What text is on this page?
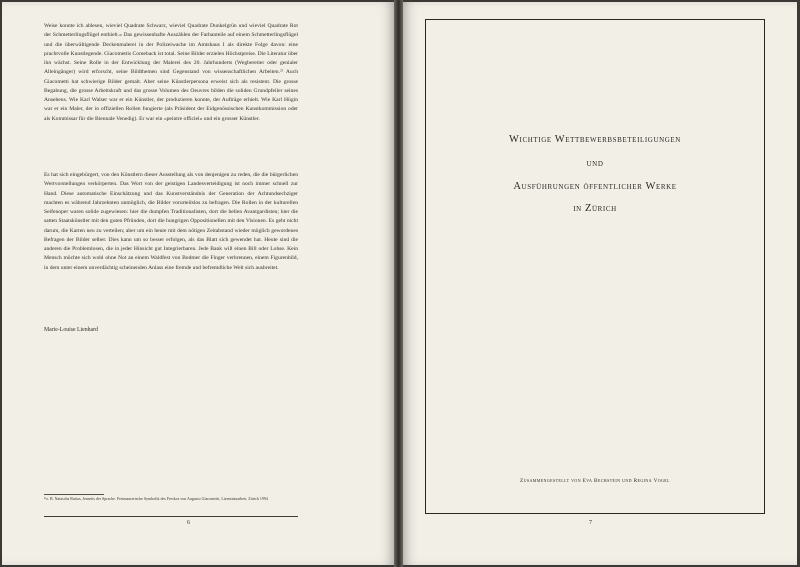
Weise konnte ich ablesen, wieviel Quadrate Schwarz, wieviel Quadrate Dunkelgrün und wieviel Quadrate Rot der Schmetterlingsflügel enthielt.» Das gewissenhafte Auszählen der Farbanteile auf einem Schmetterlingsflügel und die überwältigende Deckenmalerei in der Polizeiwache im Amtshaus I als direkte Folge davon: eine prachtvolle Kunstlegende. Giacomettis Comeback ist total. Seine Bilder erzielen Höchstpreise. Die Literatur über ihn wächst. Seine Rolle in der Entwicklung der Malerei des 20. Jahrhunderts (Wegbereiter oder genialer Alleingänger) wird erforscht, seine Bildthemen sind Gegenstand von wissenschaftlichen Arbeiten.²⁾ Auch Giacometti hat schwierige Bilder gemalt. Aber seine Künstlerpersona erweist sich als resistent. Die grosse Begabung, die grosse Arbeitskraft und das grosse Volumen des Oeuvres bilden die soliden Grundpfeiler seines Ansehens. Wie Karl Walser war er ein Künstler, der produzieren konnte, der Aufträge erhielt. Wie Karl Hügin war er ein Maler, der in offiziellen Rollen fungierte (als Präsident der Eidgenössischen Kunstkommission oder als Kommissar für die Biennale Venedig). Er war ein «peintre officiel» und ein grosser Künstler.

Es hat sich eingebürgert, von den Künstlern dieser Ausstellung als von denjenigen zu reden, die die bürgerlichen Wertvorstellungen verkörperten. Das Wort von der geistigen Landesverteidigung ist noch immer schnell zur Hand. Diese automatische Einschätzung und das Kunstverständnis der Generation der Achtundsechziger machten es während Jahrzehnten unmöglich, die Bilder vorurteilslos zu befragen. Die Rollen in der kulturellen Seifenoper waren solide zugewiesen: hier die dumpfen Traditionalisten, dort die hellen Avantgardisten; hier die satten Staatskünstler mit den guten Pfründen, dort die hungrigen Oppositionellen mit den Visionen. Es geht nicht darum, die Karten neu zu verteilen; aber um ein heute mit dem nötigen Zeitabstand wieder möglich gewordenes Befragen der Bilder selber. Dies kann um so besser erfolgen, als das Blatt sich gewendet hat. Heute sind die anderen die Problemlosen, die in jeder Hinsicht gut Integrierbaren. Jede Bank will einen Bill oder Lohse. Kein Mensch möchte sich wohl ohne Not an einem Waldfest von Bodmer die Finger verbrennen, einem Figurenbild, in dem unter einem unverdächtig scheinenden Anlass eine fremde und befremdliche Welt sich ausbreitet.

Marie-Louise Lienhard

²⁾z. B. Natascha Ruttas, Jenseits der Sprache. Freimaurerische Symbolik des Freskos von Augusto Giacometti, Lizentiatsarbeit, Zürich 1994

6

Wichtige Wettbewerbsbeteiligungen

und

Ausführungen öffentlicher Werke

in Zürich

Zusammengestellt von Eva Bechstein und Regina Vogel

7
